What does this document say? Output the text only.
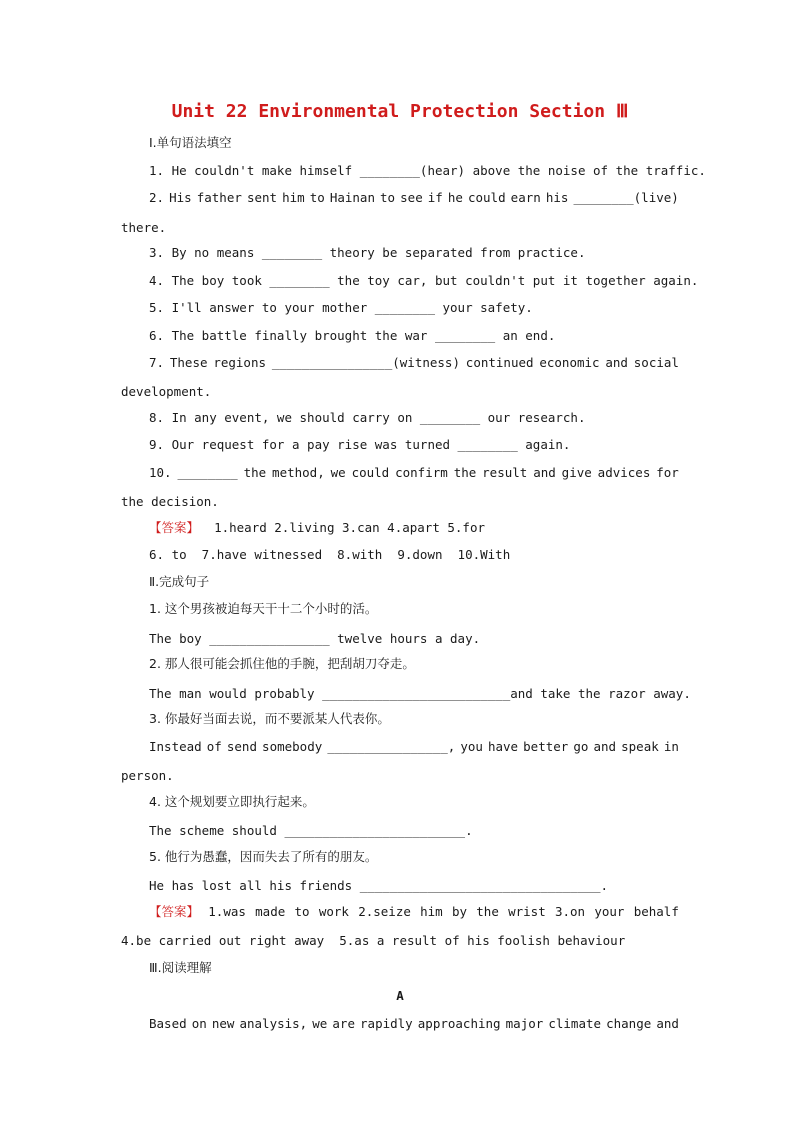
Unit 22 Environmental Protection Section Ⅲ
Ⅰ.单句语法填空
1. He couldn't make himself ________(hear) above the noise of the traffic.
2. His father sent him to Hainan to see if he could earn his ________(live)
there.
3. By no means ________ theory be separated from practice.
4. The boy took ________ the toy car, but couldn't put it together again.
5. I'll answer to your mother ________ your safety.
6. The battle finally brought the war ________ an end.
7. These regions ________________(witness) continued economic and social
development.
8. In any event, we should carry on ________ our research.
9. Our request for a pay rise was turned ________ again.
10. ________ the method, we could confirm the result and give advices for
the decision.
【答案】 1.heard 2.living 3.can 4.apart 5.for
6. to  7.have witnessed  8.with  9.down  10.With
Ⅱ.完成句子
1. 这个男孩被迫每天干十二个小时的活。
The boy ________________ twelve hours a day.
2. 那人很可能会抓住他的手腕，把刮胡刀夺走。
The man would probably _________________________and take the razor away.
3. 你最好当面去说，而不要派某人代表你。
Instead of send somebody ________________, you have better go and speak in
person.
4. 这个规划要立即执行起来。
The scheme should ________________________.
5. 他行为愚蠢，因而失去了所有的朋友。
He has lost all his friends ________________________________.
【答案】 1.was made to work 2.seize him by the wrist 3.on your behalf
4.be carried out right away  5.as a result of his foolish behaviour
Ⅲ.阅读理解
A
Based on new analysis, we are rapidly approaching major climate change and
